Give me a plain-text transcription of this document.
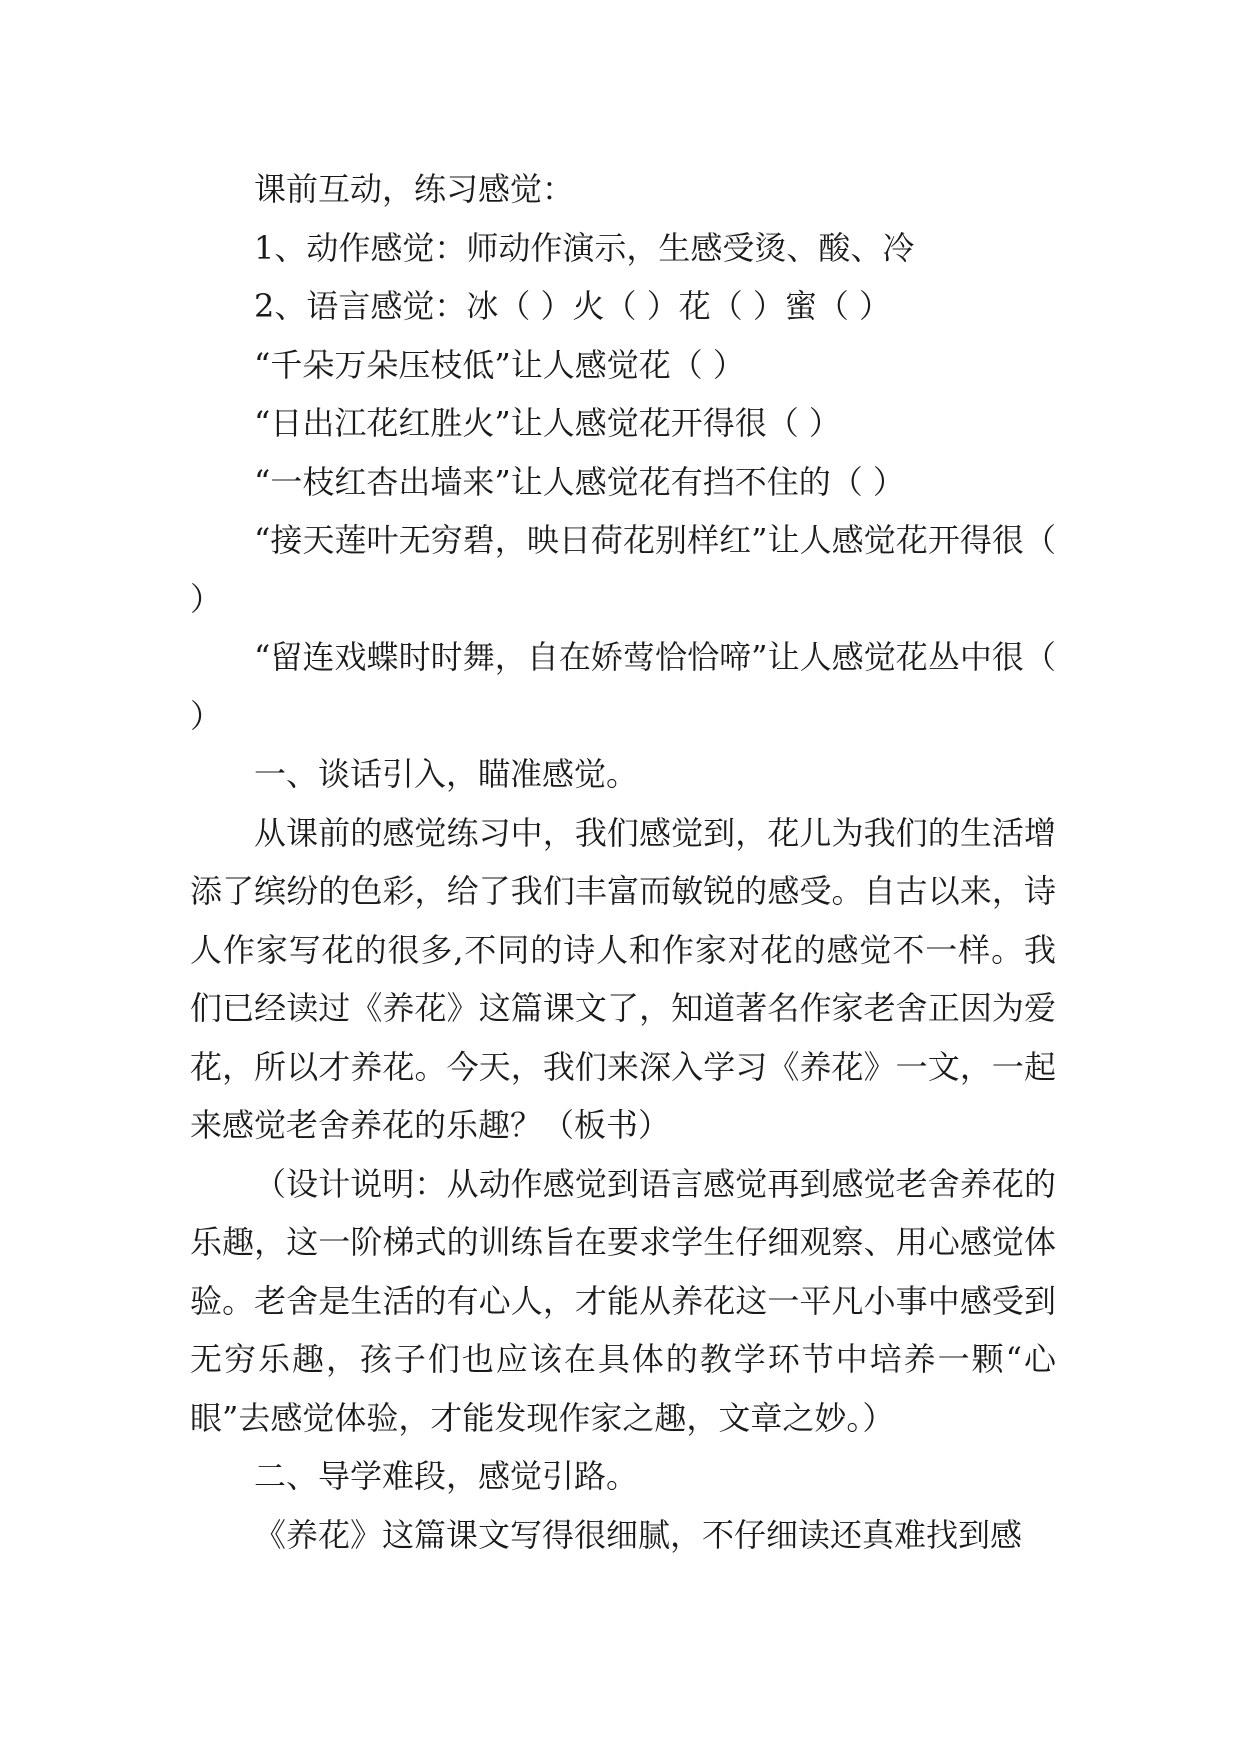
课前互动，练习感觉：

1、动作感觉：师动作演示，生感受烫、酸、冷

2、语言感觉：冰（ ）火（ ）花（ ）蜜（ ）

“千朵万朵压枝低”让人感觉花（ ）

“日出江花红胜火”让人感觉花开得很（ ）

“一枝红杏出墙来”让人感觉花有挡不住的（ ）

“接天莲叶无穷碧，映日荷花别样红”让人感觉花开得很（ ）

“留连戏蝶时时舞，自在娇莺恰恰啼”让人感觉花丛中很（ ）

一、谈话引入，瞄准感觉。

从课前的感觉练习中，我们感觉到，花儿为我们的生活增添了缤纷的色彩，给了我们丰富而敏锐的感受。自古以来，诗人作家写花的很多,不同的诗人和作家对花的感觉不一样。我们已经读过《养花》这篇课文了，知道著名作家老舍正因为爱花，所以才养花。今天，我们来深入学习《养花》一文，一起来感觉老舍养花的乐趣？（板书）

（设计说明：从动作感觉到语言感觉再到感觉老舍养花的乐趣，这一阶梯式的训练旨在要求学生仔细观察、用心感觉体验。老舍是生活的有心人，才能从养花这一平凡小事中感受到无穷乐趣，孩子们也应该在具体的教学环节中培养一颗“心眼”去感觉体验，才能发现作家之趣，文章之妙。）

二、导学难段，感觉引路。

《养花》这篇课文写得很细腻，不仔细读还真难找到感
